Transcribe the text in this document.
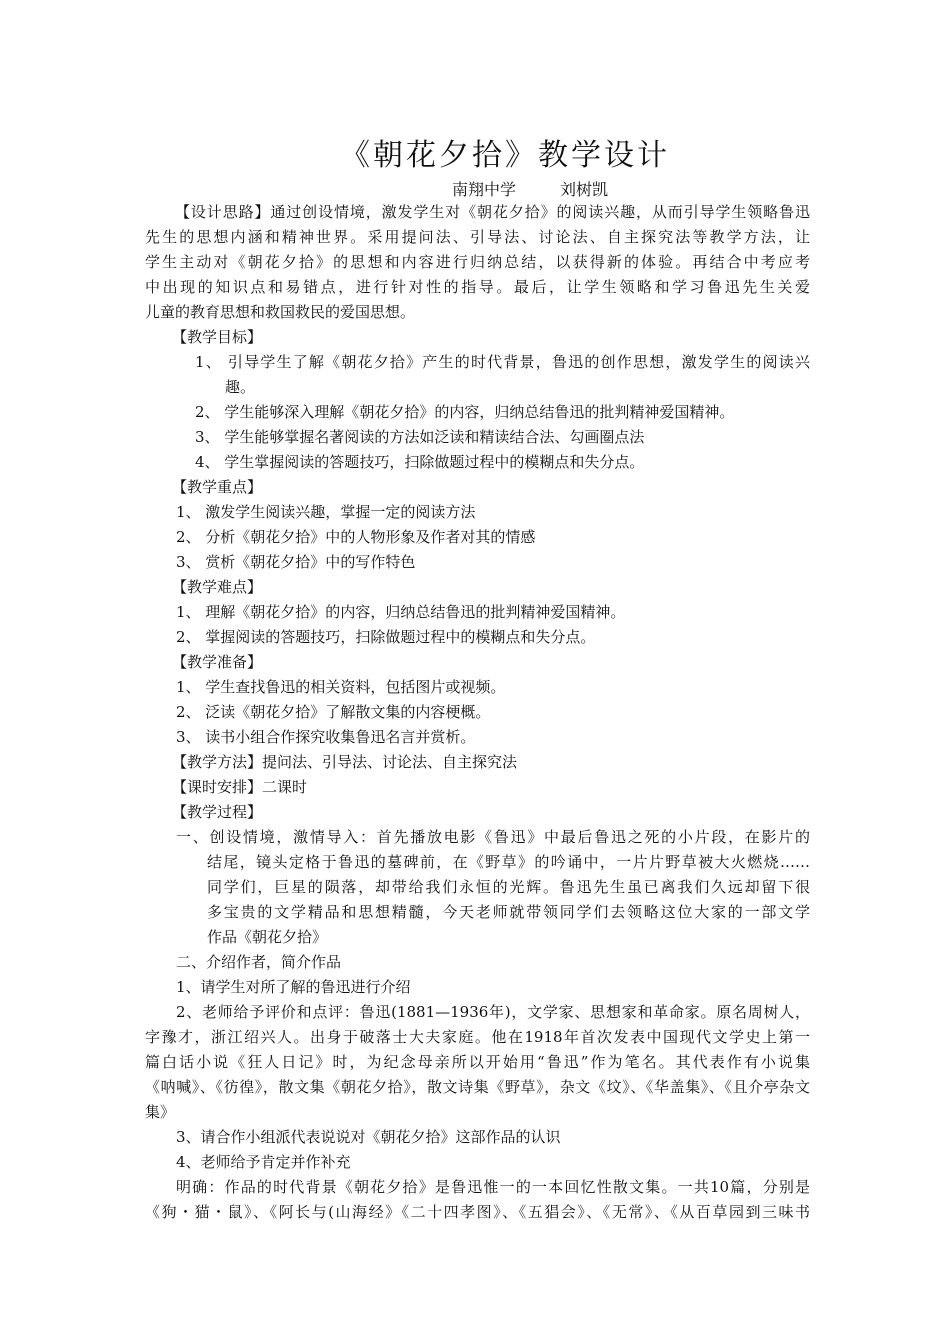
《朝花夕拾》教学设计
南翔中学	刘树凯
【设计思路】通过创设情境，激发学生对《朝花夕拾》的阅读兴趣，从而引导学生领略鲁迅
先生的思想内涵和精神世界。采用提问法、引导法、讨论法、自主探究法等教学方法，让
学生主动对《朝花夕拾》的思想和内容进行归纳总结，以获得新的体验。再结合中考应考
中出现的知识点和易错点，进行针对性的指导。最后，让学生领略和学习鲁迅先生关爱
儿童的教育思想和救国救民的爱国思想。
【教学目标】
1、 引导学生了解《朝花夕拾》产生的时代背景，鲁迅的创作思想，激发学生的阅读兴
趣。
2、 学生能够深入理解《朝花夕拾》的内容，归纳总结鲁迅的批判精神爱国精神。
3、 学生能够掌握名著阅读的方法如泛读和精读结合法、勾画圈点法
4、 学生掌握阅读的答题技巧，扫除做题过程中的模糊点和失分点。
【教学重点】
1、 激发学生阅读兴趣，掌握一定的阅读方法
2、 分析《朝花夕拾》中的人物形象及作者对其的情感
3、 赏析《朝花夕拾》中的写作特色
【教学难点】
1、 理解《朝花夕拾》的内容，归纳总结鲁迅的批判精神爱国精神。
2、 掌握阅读的答题技巧，扫除做题过程中的模糊点和失分点。
【教学准备】
1、 学生查找鲁迅的相关资料，包括图片或视频。
2、 泛读《朝花夕拾》了解散文集的内容梗概。
3、 读书小组合作探究收集鲁迅名言并赏析。
【教学方法】提问法、引导法、讨论法、自主探究法
【课时安排】二课时
【教学过程】
一、创设情境，激情导入：首先播放电影《鲁迅》中最后鲁迅之死的小片段，在影片的
结尾，镜头定格于鲁迅的墓碑前，在《野草》的吟诵中，一片片野草被大火燃烧……
同学们，巨星的陨落，却带给我们永恒的光辉。鲁迅先生虽已离我们久远却留下很
多宝贵的文学精品和思想精髓，今天老师就带领同学们去领略这位大家的一部文学
作品《朝花夕拾》
二、介绍作者，简介作品
1、请学生对所了解的鲁迅进行介绍
2、老师给予评价和点评：鲁迅(1881—1936年)，文学家、思想家和革命家。原名周树人，
字豫才，浙江绍兴人。出身于破落士大夫家庭。他在1918年首次发表中国现代文学史上第一
篇白话小说《狂人日记》时，为纪念母亲所以开始用“鲁迅”作为笔名。其代表作有小说集
《呐喊》、《彷徨》，散文集《朝花夕拾》，散文诗集《野草》，杂文《坟》、《华盖集》、《且介亭杂文
集》
3、请合作小组派代表说说对《朝花夕拾》这部作品的认识
4、老师给予肯定并作补充
明确：作品的时代背景《朝花夕拾》是鲁迅惟一的一本回忆性散文集。一共10篇，分别是
《狗・猫・鼠》、《阿长与(山海经》《二十四孝图》、《五猖会》、《无常》、《从百草园到三味书
